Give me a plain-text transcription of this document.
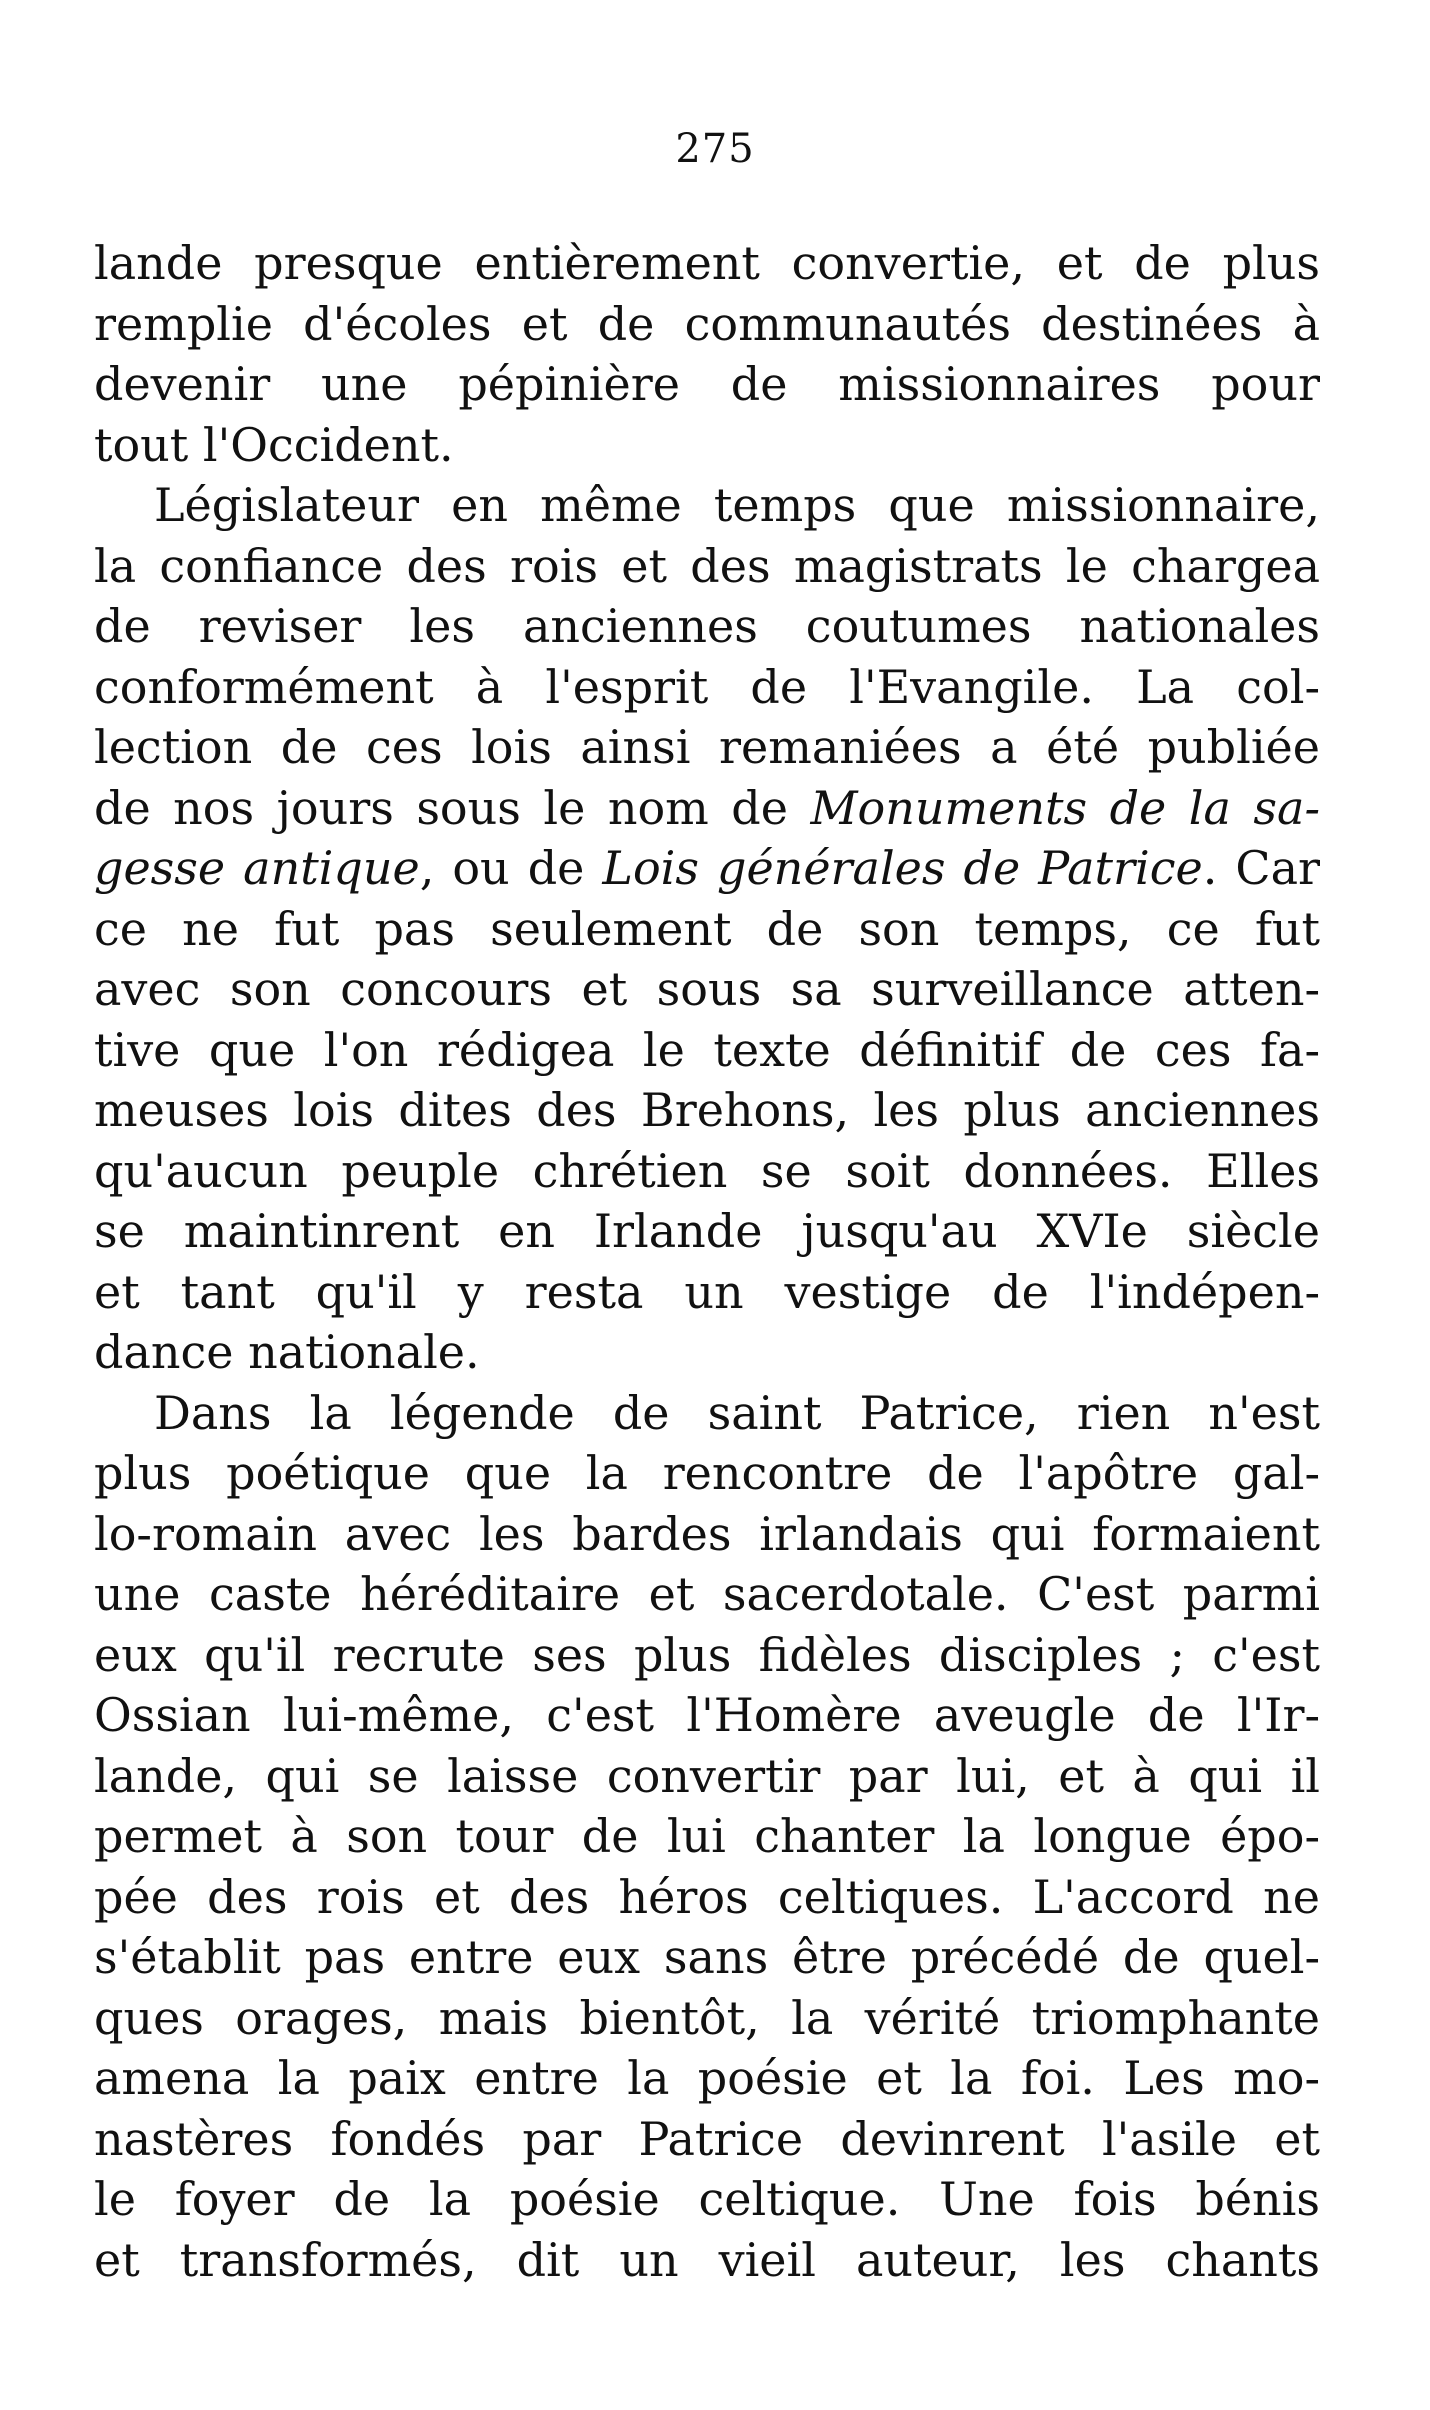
275
lande presque entièrement convertie, et de plus
remplie d'écoles et de communautés destinées à
devenir une pépinière de missionnaires pour
tout l'Occident.
Législateur en même temps que missionnaire,
la confiance des rois et des magistrats le chargea
de reviser les anciennes coutumes nationales
conformément à l'esprit de l'Evangile. La col-
lection de ces lois ainsi remaniées a été publiée
de nos jours sous le nom de Monuments de la sa-
gesse antique, ou de Lois générales de Patrice. Car
ce ne fut pas seulement de son temps, ce fut
avec son concours et sous sa surveillance atten-
tive que l'on rédigea le texte définitif de ces fa-
meuses lois dites des Brehons, les plus anciennes
qu'aucun peuple chrétien se soit données. Elles
se maintinrent en Irlande jusqu'au XVIe siècle
et tant qu'il y resta un vestige de l'indépen-
dance nationale.
Dans la légende de saint Patrice, rien n'est
plus poétique que la rencontre de l'apôtre gal-
lo-romain avec les bardes irlandais qui formaient
une caste héréditaire et sacerdotale. C'est parmi
eux qu'il recrute ses plus fidèles disciples ; c'est
Ossian lui-même, c'est l'Homère aveugle de l'Ir-
lande, qui se laisse convertir par lui, et à qui il
permet à son tour de lui chanter la longue épo-
pée des rois et des héros celtiques. L'accord ne
s'établit pas entre eux sans être précédé de quel-
ques orages, mais bientôt, la vérité triomphante
amena la paix entre la poésie et la foi. Les mo-
nastères fondés par Patrice devinrent l'asile et
le foyer de la poésie celtique. Une fois bénis
et transformés, dit un vieil auteur, les chants
